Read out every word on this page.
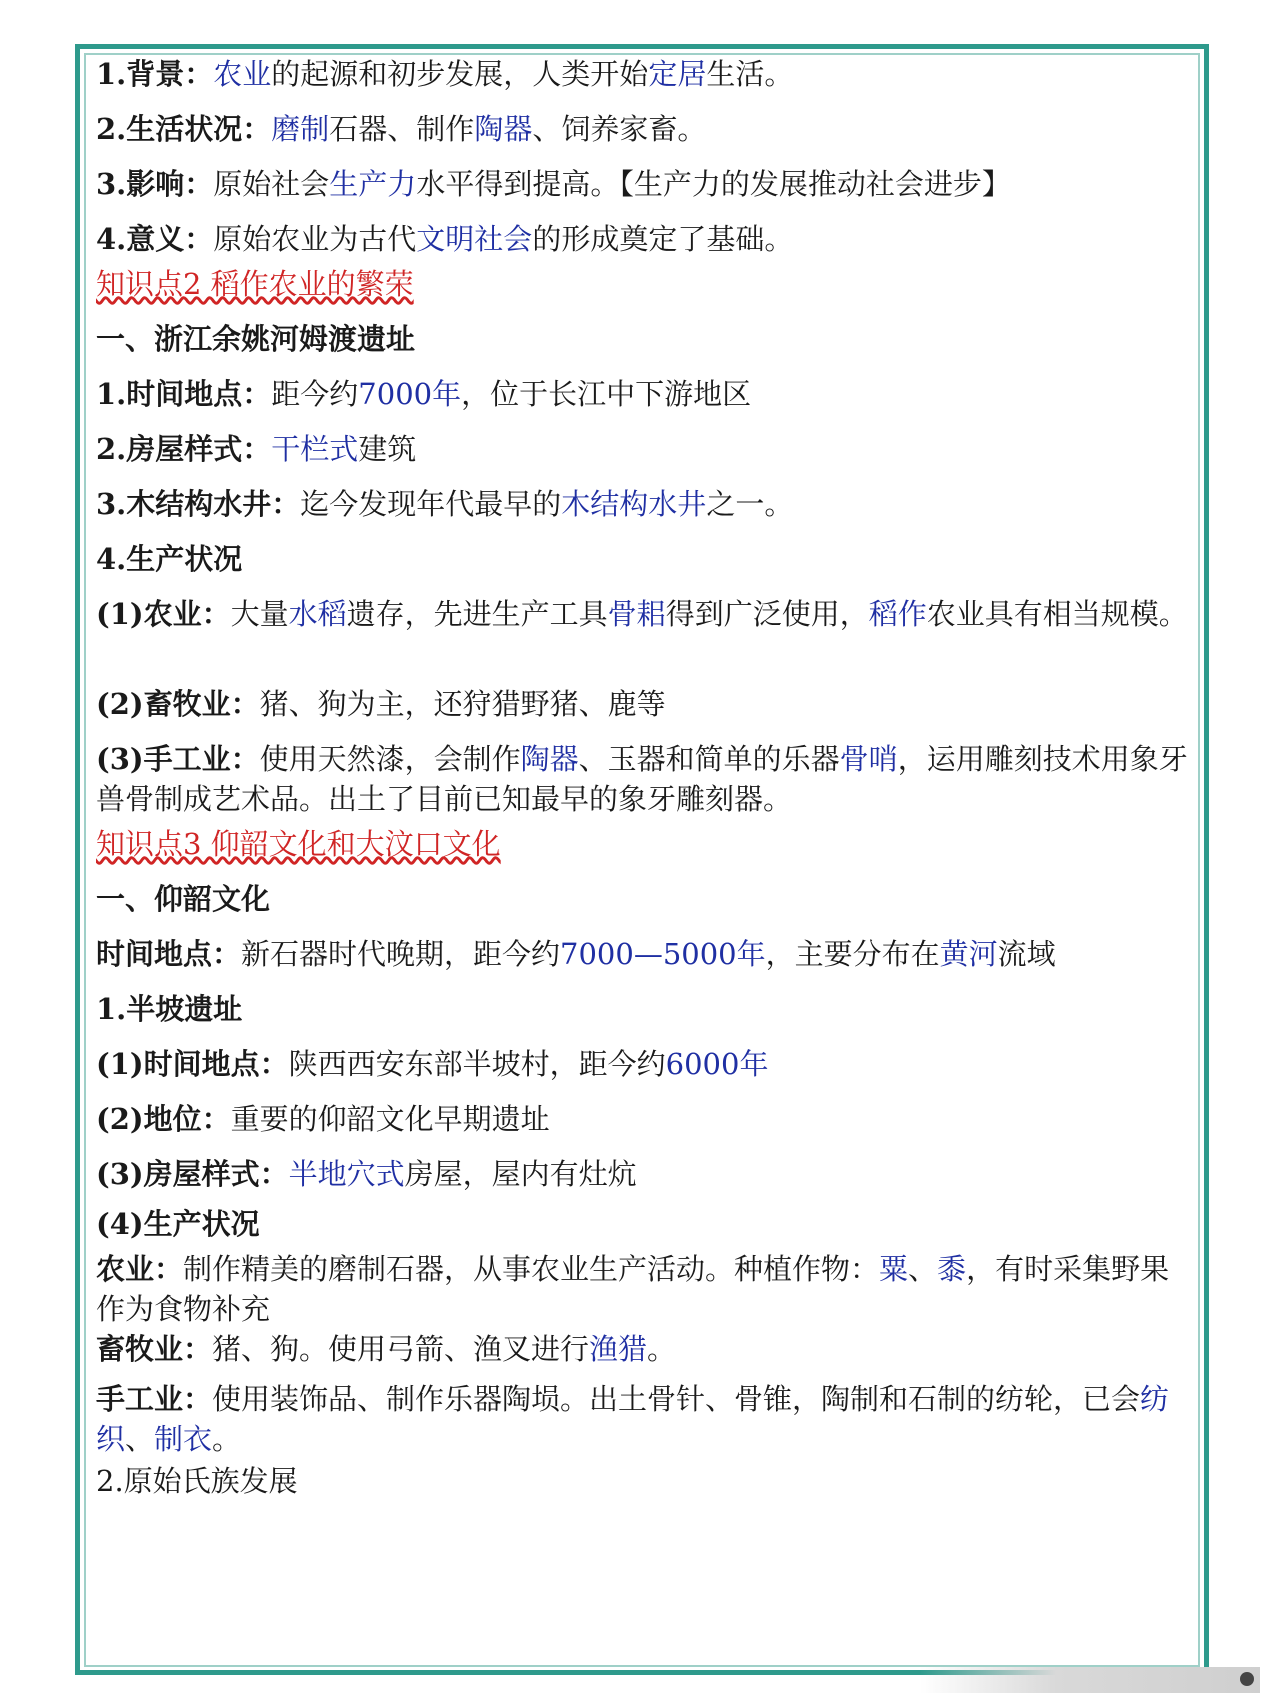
1.背景：农业的起源和初步发展，人类开始定居生活。
2.生活状况：磨制石器、制作陶器、饲养家畜。
3.影响：原始社会生产力水平得到提高。【生产力的发展推动社会进步】
4.意义：原始农业为古代文明社会的形成奠定了基础。
知识点2 稻作农业的繁荣
一、浙江余姚河姆渡遗址
1.时间地点：距今约7000年，位于长江中下游地区
2.房屋样式：干栏式建筑
3.木结构水井：迄今发现年代最早的木结构水井之一。
4.生产状况
(1)农业：大量水稻遗存，先进生产工具骨耜得到广泛使用，稻作农业具有相当规模。
(2)畜牧业：猪、狗为主，还狩猎野猪、鹿等
(3)手工业：使用天然漆，会制作陶器、玉器和简单的乐器骨哨，运用雕刻技术用象牙 兽骨制成艺术品。出土了目前已知最早的象牙雕刻器。
知识点3 仰韶文化和大汶口文化
一、仰韶文化
时间地点：新石器时代晚期，距今约7000—5000年，主要分布在黄河流域
1.半坡遗址
(1)时间地点：陕西西安东部半坡村，距今约6000年
(2)地位：重要的仰韶文化早期遗址
(3)房屋样式：半地穴式房屋，屋内有灶炕
(4)生产状况
农业：制作精美的磨制石器，从事农业生产活动。种植作物：粟、黍，有时采集野果 作为食物补充
畜牧业：猪、狗。使用弓箭、渔叉进行渔猎。
手工业：使用装饰品、制作乐器陶埙。出土骨针、骨锥，陶制和石制的纺轮，已会纺 织、制衣。
2.原始氏族发展
